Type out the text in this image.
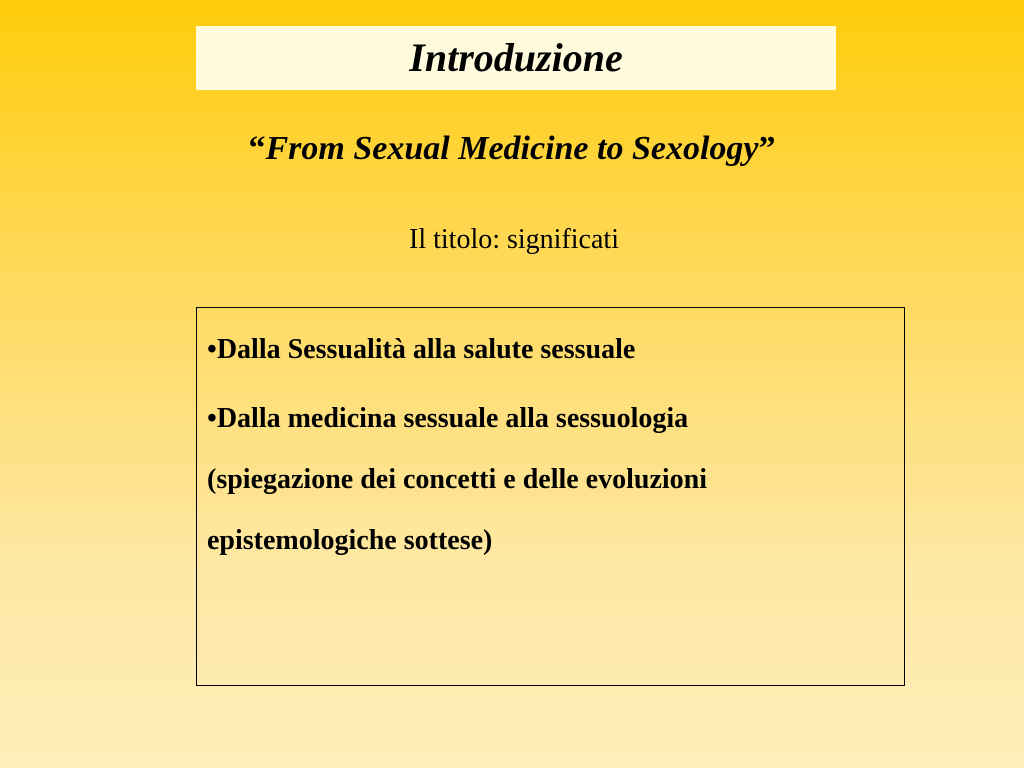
Introduzione
“From Sexual Medicine to Sexology”
Il titolo: significati
•Dalla Sessualità alla salute sessuale
•Dalla medicina sessuale alla sessuologia
(spiegazione dei concetti e delle evoluzioni
epistemologiche sottese)
